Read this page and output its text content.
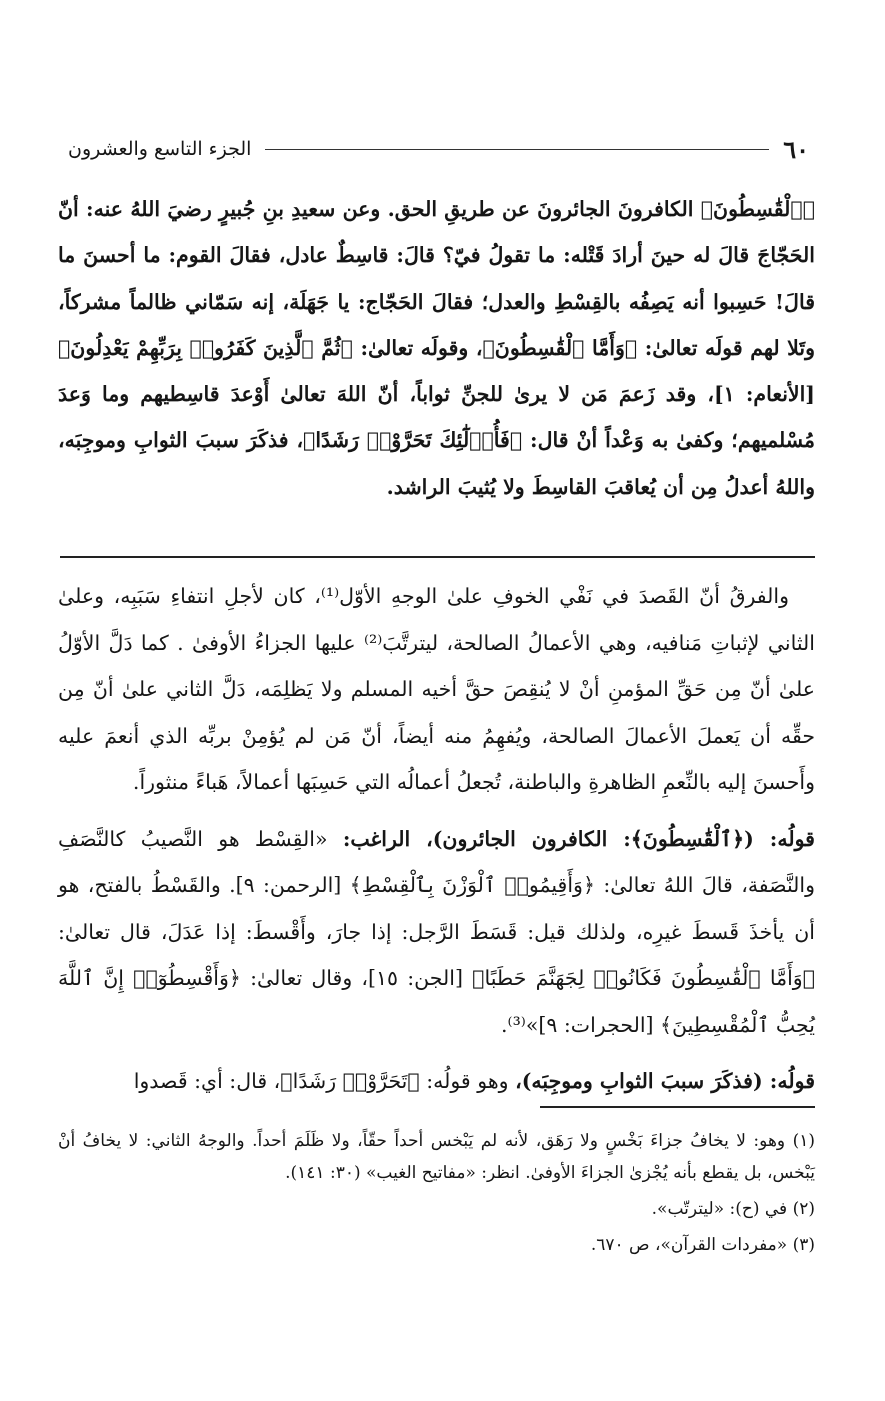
٦٠
الجزء التاسع والعشرون

﴿ٱلْقَٰسِطُونَ﴾ الكافرونَ الجائرونَ عن طريقِ الحق. وعن سعيدِ بنِ جُبيرٍ رضيَ اللهُ عنه: أنّ الحَجّاجَ قالَ له حينَ أرادَ قَتْله: ما تقولُ فيّ؟ قالَ: قاسِطٌ عادل، فقالَ القوم: ما أحسنَ ما قالَ! حَسِبوا أنه يَصِفُه بالقِسْطِ والعدل؛ فقالَ الحَجّاج: يا جَهَلَة، إنه سَمّاني ظالماً مشركاً، وتَلا لهم قولَه تعالىٰ: ﴿وَأَمَّا ٱلْقَٰسِطُونَ﴾، وقولَه تعالىٰ: ﴿ثُمَّ ٱلَّذِينَ كَفَرُوا۟ بِرَبِّهِمْ يَعْدِلُونَ﴾ [الأنعام: ١]، وقد زَعمَ مَن لا يرىٰ للجنِّ ثواباً، أنّ اللهَ تعالىٰ أَوْعدَ قاسِطيهم وما وَعدَ مُسْلميهم؛ وكفىٰ به وَعْداً أنْ قال: ﴿فَأُو۟لَٰٓئِكَ تَحَرَّوْا۟ رَشَدًا﴾، فذكَرَ سببَ الثوابِ وموجِبَه، واللهُ أعدلُ مِن أن يُعاقبَ القاسِطَ ولا يُثيبَ الراشد.

والفرقُ أنّ القَصدَ في نَفْي الخوفِ علىٰ الوجهِ الأوّل⁽¹⁾، كان لأجلِ انتفاءِ سَبَبِه، وعلىٰ الثاني لإثباتِ مَنافيه، وهي الأعمالُ الصالحة، ليترتَّبَ⁽²⁾ عليها الجزاءُ الأوفىٰ . كما دَلَّ الأوّلُ علىٰ أنّ مِن حَقِّ المؤمنِ أنْ لا يُنقِصَ حقَّ أخيه المسلم ولا يَظلِمَه، دَلَّ الثاني علىٰ أنّ مِن حقِّه أن يَعملَ الأعمالَ الصالحة، ويُفهِمُ منه أيضاً، أنّ مَن لم يُؤمِنْ بربِّه الذي أنعمَ عليه وأَحسنَ إليه بالنِّعمِ الظاهرةِ والباطنة، تُجعلُ أعمالُه التي حَسِبَها أعمالاً، هَباءً منثوراً.

قولُه: (﴿ٱلْقَٰسِطُونَ﴾: الكافرون الجائرون)، الراغب: «القِسْط هو النَّصيبُ كالنَّصَفِ والنَّصَفة، قالَ اللهُ تعالىٰ: ﴿وَأَقِيمُوا۟ ٱلْوَزْنَ بِٱلْقِسْطِ﴾ [الرحمن: ٩]. والقَسْطُ بالفتح، هو أن يأخذَ قَسطَ غيرِه، ولذلك قيل: قَسَطَ الرَّجل: إذا جارَ، وأَقْسطَ: إذا عَدَلَ، قال تعالىٰ: ﴿وَأَمَّا ٱلْقَٰسِطُونَ فَكَانُوا۟ لِجَهَنَّمَ حَطَبًا﴾ [الجن: ١٥]، وقال تعالىٰ: ﴿وَأَقْسِطُوٓا۟ إِنَّ ٱللَّهَ يُحِبُّ ٱلْمُقْسِطِينَ﴾ [الحجرات: ٩]»⁽³⁾.

قولُه: (فذكَرَ سببَ الثوابِ وموجِبَه)، وهو قولُه: ﴿تَحَرَّوْا۟ رَشَدًا﴾، قال: أي: قَصدوا

(١) وهو: لا يخافُ جزاءَ بَخْسٍ ولا رَهَق، لأنه لم يَبْخس أحداً حقّاً، ولا ظَلَمَ أحداً. والوجهُ الثاني: لا يخافُ أنْ يَبْخس، بل يقطع بأنه يُجْزىٰ الجزاءَ الأوفىٰ. انظر: «مفاتيح الغيب» (٣٠: ١٤١).

(٢) في (ح): «ليترتّب».

(٣) «مفردات القرآن»، ص ٦٧٠.
